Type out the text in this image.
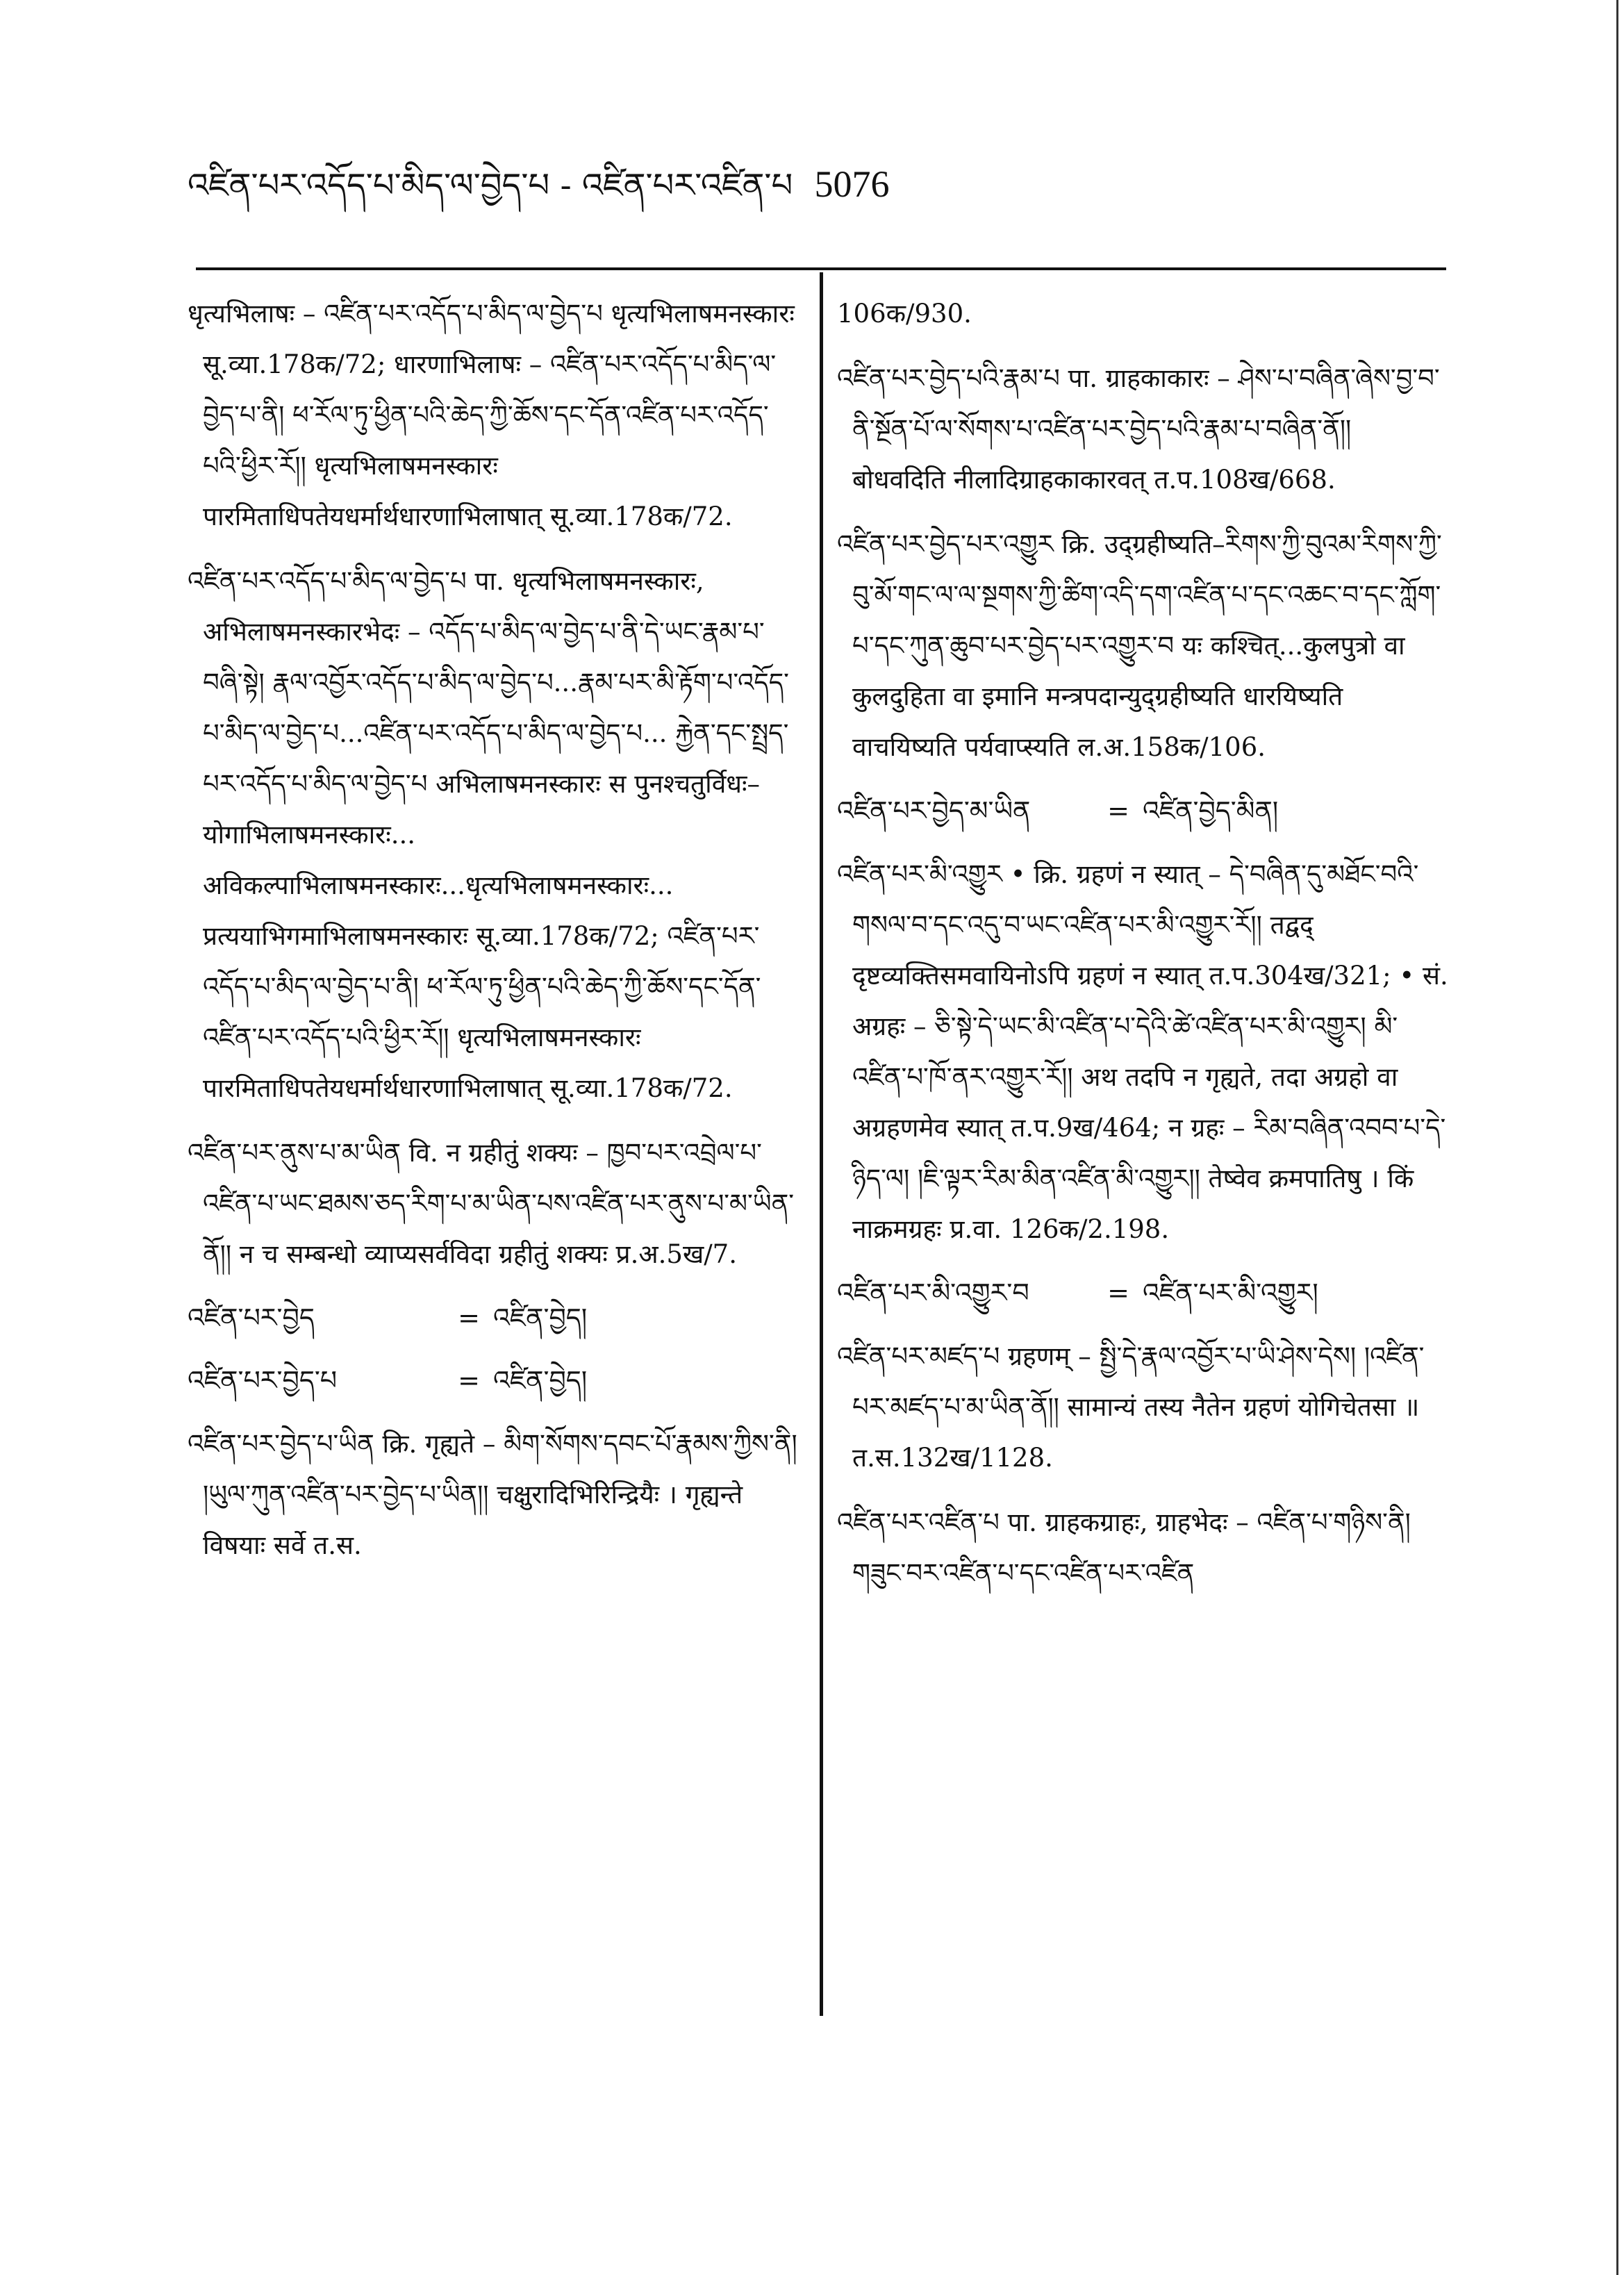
འཛིན་པར་འདོད་པ་མིད་ལ་བྱེད་པ - འཛིན་པར་འཛིན་པ 5076

धृत्यभिलाषः – འཛིན་པར་འདོད་པ་མིད་ལ་བྱེད་པ धृत्यभिलाषमनस्कारः सू.व्या.178क/72; धारणाभिलाषः – འཛིན་པར་འདོད་པ་མིད་ལ་བྱེད་པ་ནི། ཕ་རོལ་ཏུ་ཕྱིན་པའི་ཆེད་ཀྱི་ཆོས་དང་དོན་འཛིན་པར་འདོད་པའི་ཕྱིར་རོ།། धृत्यभिलाषमनस्कारः पारमिताधिपतेयधर्मार्थधारणाभिलाषात् सू.व्या.178क/72.

འཛིན་པར་འདོད་པ་མིད་ལ་བྱེད་པ पा. धृत्यभिलाषमनस्कारः, अभिलाषमनस्कारभेदः – འདོད་པ་མིད་ལ་བྱེད་པ་ནི་དེ་ཡང་རྣམ་པ་བཞི་སྟེ། རྣལ་འབྱོར་འདོད་པ་མིད་ལ་བྱེད་པ...རྣམ་པར་མི་རྟོག་པ་འདོད་པ་མིད་ལ་བྱེད་པ...འཛིན་པར་འདོད་པ་མིད་ལ་བྱེད་པ... རྐྱེན་དང་སྤྲད་པར་འདོད་པ་མིད་ལ་བྱེད་པ अभिलाषमनस्कारः स पुनश्चतुर्विधः–योगाभिलाषमनस्कारः... अविकल्पाभिलाषमनस्कारः...धृत्यभिलाषमनस्कारः... प्रत्ययाभिगमाभिलाषमनस्कारः सू.व्या.178क/72; འཛིན་པར་འདོད་པ་མིད་ལ་བྱེད་པ་ནི། ཕ་རོལ་ཏུ་ཕྱིན་པའི་ཆེད་ཀྱི་ཆོས་དང་དོན་འཛིན་པར་འདོད་པའི་ཕྱིར་རོ།། धृत्यभिलाषमनस्कारः पारमिताधिपतेयधर्मार्थधारणाभिलाषात् सू.व्या.178क/72.

འཛིན་པར་ནུས་པ་མ་ཡིན वि. न ग्रहीतुं शक्यः – ཁྱབ་པར་འབྲེལ་པ་འཛིན་པ་ཡང་ཐམས་ཅད་རིག་པ་མ་ཡིན་པས་འཛིན་པར་ནུས་པ་མ་ཡིན་ནོ།། न च सम्बन्धो व्याप्यसर्वविदा ग्रहीतुं शक्यः प्र.अ.5ख/7.

འཛིན་པར་བྱེད	= འཛིན་བྱེད།
འཛིན་པར་བྱེད་པ	= འཛིན་བྱེད།

འཛིན་པར་བྱེད་པ་ཡིན क्रि. गृह्यते – མིག་སོགས་དབང་པོ་རྣམས་ཀྱིས་ནི། །ཡུལ་ཀུན་འཛིན་པར་བྱེད་པ་ཡིན།། चक्षुरादिभिरिन्द्रियैः । गृह्यन्ते विषयाः सर्वे त.स.

106क/930.

འཛིན་པར་བྱེད་པའི་རྣམ་པ पा. ग्राहकाकारः – ཤེས་པ་བཞིན་ཞེས་བྱ་བ་ནི་སྔོན་པོ་ལ་སོགས་པ་འཛིན་པར་བྱེད་པའི་རྣམ་པ་བཞིན་ནོ།། बोधवदिति नीलादिग्राहकाकारवत् त.प.108ख/668.

འཛིན་པར་བྱེད་པར་འགྱུར क्रि. उद्ग्रहीष्यति–རིགས་ཀྱི་བུའམ་རིགས་ཀྱི་བུ་མོ་གང་ལ་ལ་སྔགས་ཀྱི་ཚིག་འདི་དག་འཛིན་པ་དང་འཆང་བ་དང་ཀློག་པ་དང་ཀུན་ཆུབ་པར་བྱེད་པར་འགྱུར་བ यः कश्चित्...कुलपुत्रो वा कुलदुहिता वा इमानि मन्त्रपदान्युद्ग्रहीष्यति धारयिष्यति वाचयिष्यति पर्यवाप्स्यति ल.अ.158क/106.

འཛིན་པར་བྱེད་མ་ཡིན	= འཛིན་བྱེད་མིན།

འཛིན་པར་མི་འགྱུར • क्रि. ग्रहणं न स्यात् – དེ་བཞིན་དུ་མཐོང་བའི་གསལ་བ་དང་འདུ་བ་ཡང་འཛིན་པར་མི་འགྱུར་རོ།། तद्वद् दृष्टव्यक्तिसमवायिनोऽपि ग्रहणं न स्यात् त.प.304ख/321; • सं. अग्रहः – ཅི་སྟེ་དེ་ཡང་མི་འཛིན་པ་དེའི་ཚེ་འཛིན་པར་མི་འགྱུར། མི་འཛིན་པ་ཁོ་ནར་འགྱུར་རོ།། अथ तदपि न गृह्यते, तदा अग्रहो वा अग्रहणमेव स्यात् त.प.9ख/464; न ग्रहः – རིམ་བཞིན་འབབ་པ་དེ་ཉིད་ལ། །ཇི་ལྟར་རིམ་མིན་འཛིན་མི་འགྱུར།། तेष्वेव क्रमपातिषु । किं नाक्रमग्रहः प्र.वा. 126क/2.198.

འཛིན་པར་མི་འགྱུར་བ	= འཛིན་པར་མི་འགྱུར།

འཛིན་པར་མཛད་པ ग्रहणम् – སྤྱི་དེ་རྣལ་འབྱོར་པ་ཡི་ཤེས་དེས། །འཛིན་པར་མཛད་པ་མ་ཡིན་ནོ།། सामान्यं तस्य नैतेन ग्रहणं योगिचेतसा ॥ त.स.132ख/1128.

འཛིན་པར་འཛིན་པ पा. ग्राहकग्राहः, ग्राहभेदः – འཛིན་པ་གཉིས་ནི། གཟུང་བར་འཛིན་པ་དང་འཛིན་པར་འཛིན
